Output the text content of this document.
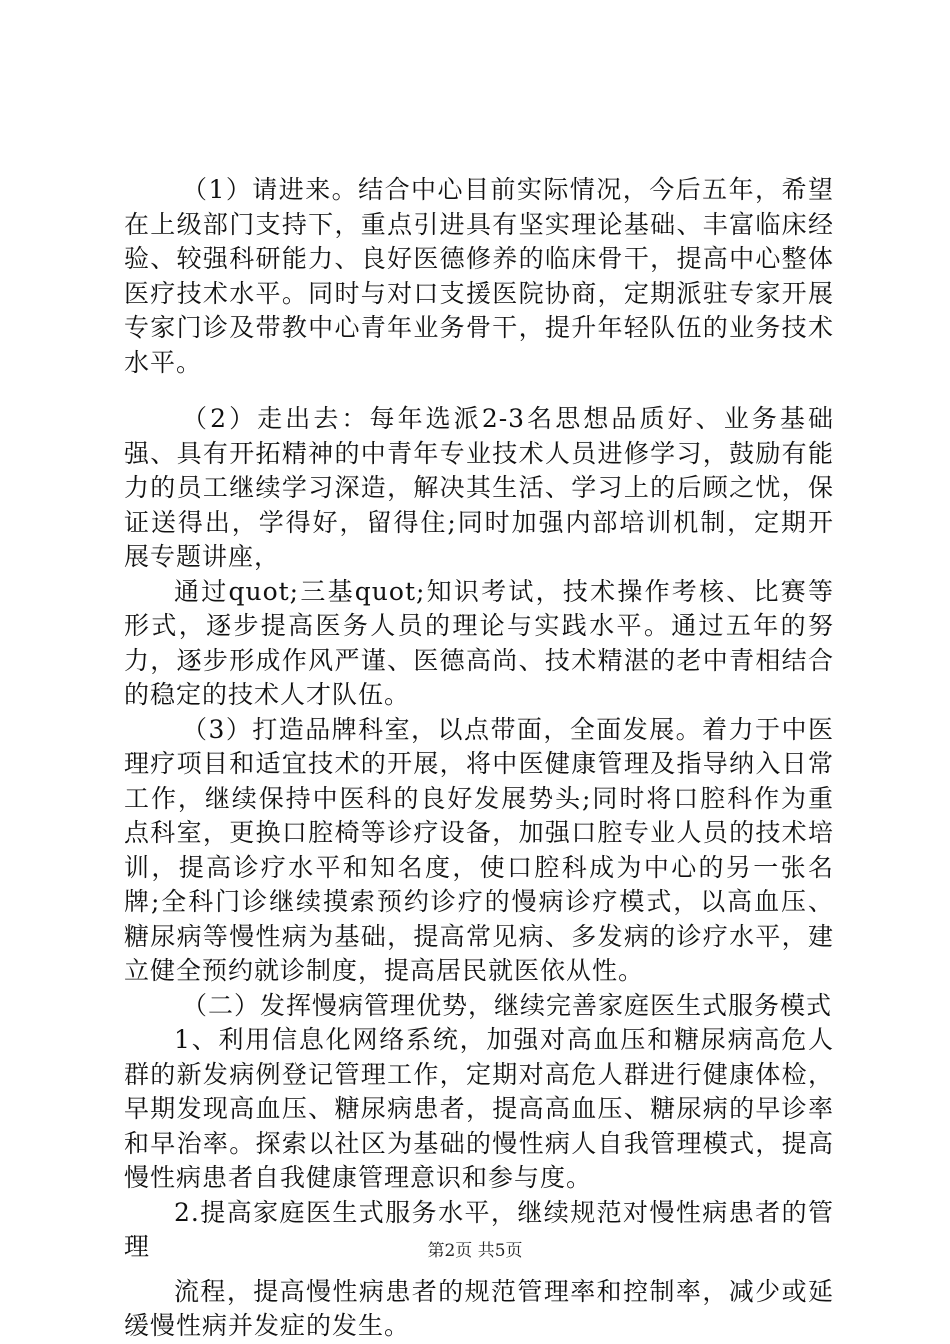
（1）请进来。结合中心目前实际情况，今后五年，希望在上级部门支持下，重点引进具有坚实理论基础、丰富临床经验、较强科研能力、良好医德修养的临床骨干，提高中心整体医疗技术水平。同时与对口支援医院协商，定期派驻专家开展专家门诊及带教中心青年业务骨干，提升年轻队伍的业务技术水平。

（2）走出去：每年选派2-3名思想品质好、业务基础强、具有开拓精神的中青年专业技术人员进修学习，鼓励有能力的员工继续学习深造，解决其生活、学习上的后顾之忧，保证送得出，学得好，留得住;同时加强内部培训机制，定期开展专题讲座，

通过quot;三基quot;知识考试，技术操作考核、比赛等形式，逐步提高医务人员的理论与实践水平。通过五年的努力，逐步形成作风严谨、医德高尚、技术精湛的老中青相结合的稳定的技术人才队伍。

（3）打造品牌科室，以点带面，全面发展。着力于中医理疗项目和适宜技术的开展，将中医健康管理及指导纳入日常工作，继续保持中医科的良好发展势头;同时将口腔科作为重点科室，更换口腔椅等诊疗设备，加强口腔专业人员的技术培训，提高诊疗水平和知名度，使口腔科成为中心的另一张名牌;全科门诊继续摸索预约诊疗的慢病诊疗模式，以高血压、糖尿病等慢性病为基础，提高常见病、多发病的诊疗水平，建立健全预约就诊制度，提高居民就医依从性。

（二）发挥慢病管理优势，继续完善家庭医生式服务模式

1、利用信息化网络系统，加强对高血压和糖尿病高危人群的新发病例登记管理工作，定期对高危人群进行健康体检，早期发现高血压、糖尿病患者，提高高血压、糖尿病的早诊率和早治率。探索以社区为基础的慢性病人自我管理模式，提高慢性病患者自我健康管理意识和参与度。

2.提高家庭医生式服务水平，继续规范对慢性病患者的管理

流程，提高慢性病患者的规范管理率和控制率，减少或延缓慢性病并发症的发生。

第2页 共5页
